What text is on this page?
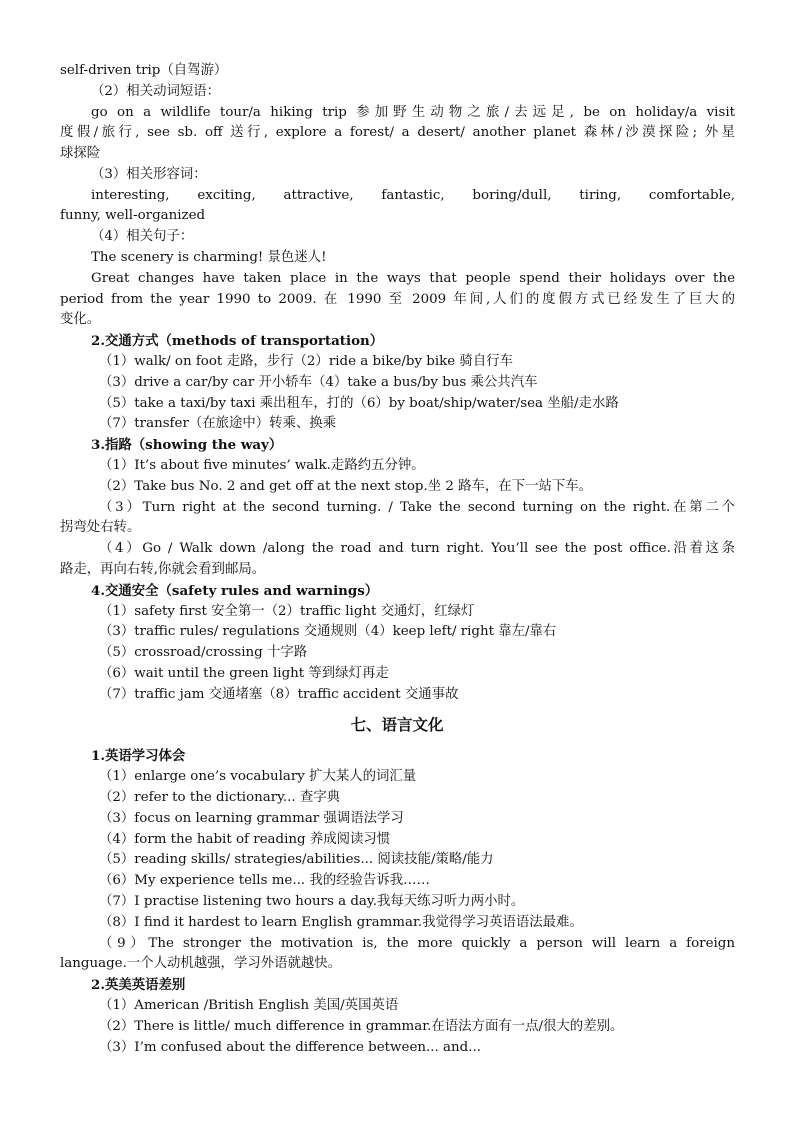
self-driven trip（自驾游）
（2）相关动词短语：
go on a wildlife tour/a hiking trip 参加野生动物之旅/去远足, be on holiday/a visit
度假/旅行, see sb. off 送行, explore a forest/ a desert/ another planet 森林/沙漠探险; 外星
球探险
（3）相关形容词：
interesting, exciting, attractive, fantastic, boring/dull, tiring, comfortable,
funny, well-organized
（4）相关句子：
The scenery is charming! 景色迷人!
Great changes have taken place in the ways that people spend their holidays over the
period from the year 1990 to 2009. 在 1990 至 2009 年间,人们的度假方式已经发生了巨大的
变化。
2.交通方式（methods of transportation）
（1）walk/ on foot 走路，步行（2）ride a bike/by bike 骑自行车
（3）drive a car/by car 开小轿车（4）take a bus/by bus 乘公共汽车
（5）take a taxi/by taxi 乘出租车，打的（6）by boat/ship/water/sea 坐船/走水路
（7）transfer（在旅途中）转乘、换乘
3.指路（showing the way）
（1）It’s about five minutes’ walk.走路约五分钟。
（2）Take bus No. 2 and get off at the next stop.坐 2 路车，在下一站下车。
（3）Turn right at the second turning. / Take the second turning on the right.在第二个
拐弯处右转。
（4）Go / Walk down /along the road and turn right. You’ll see the post office.沿着这条
路走，再向右转,你就会看到邮局。
4.交通安全（safety rules and warnings）
（1）safety first 安全第一（2）traffic light 交通灯，红绿灯
（3）traffic rules/ regulations 交通规则（4）keep left/ right 靠左/靠右
（5）crossroad/crossing 十字路
（6）wait until the green light 等到绿灯再走
（7）traffic jam 交通堵塞（8）traffic accident 交通事故
七、语言文化
1.英语学习体会
（1）enlarge one’s vocabulary 扩大某人的词汇量
（2）refer to the dictionary... 查字典
（3）focus on learning grammar 强调语法学习
（4）form the habit of reading 养成阅读习惯
（5）reading skills/ strategies/abilities... 阅读技能/策略/能力
（6）My experience tells me... 我的经验告诉我……
（7）I practise listening two hours a day.我每天练习听力两小时。
（8）I find it hardest to learn English grammar.我觉得学习英语语法最难。
（9）The stronger the motivation is, the more quickly a person will learn a foreign
language.一个人动机越强，学习外语就越快。
2.英美英语差别
（1）American /British English 美国/英国英语
（2）There is little/ much difference in grammar.在语法方面有一点/很大的差别。
（3）I’m confused about the difference between... and...
